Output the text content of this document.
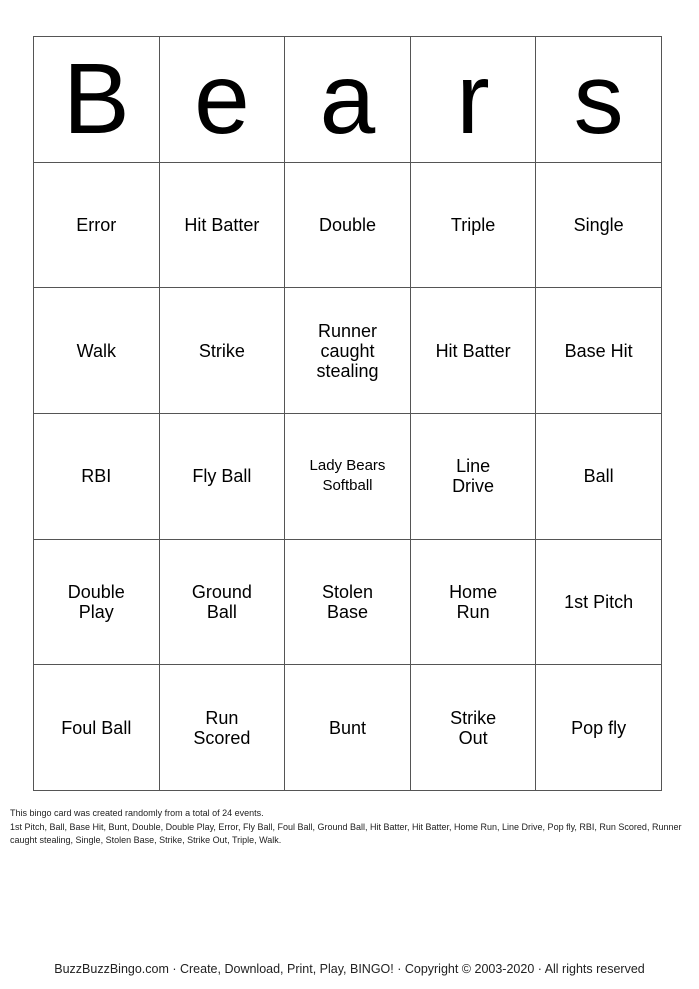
B	e	a	r	s
Error	Hit Batter	Double	Triple	Single
Walk	Strike	Runner caught stealing	Hit Batter	Base Hit
RBI	Fly Ball	Lady Bears Softball	Line Drive	Ball
Double Play	Ground Ball	Stolen Base	Home Run	1st Pitch
Foul Ball	Run Scored	Bunt	Strike Out	Pop fly
This bingo card was created randomly from a total of 24 events.
1st Pitch, Ball, Base Hit, Bunt, Double, Double Play, Error, Fly Ball, Foul Ball, Ground Ball, Hit Batter, Hit Batter, Home Run, Line Drive, Pop fly, RBI, Run Scored, Runner caught stealing, Single, Stolen Base, Strike, Strike Out, Triple, Walk.
BuzzBuzzBingo.com · Create, Download, Print, Play, BINGO! · Copyright © 2003-2020 · All rights reserved
